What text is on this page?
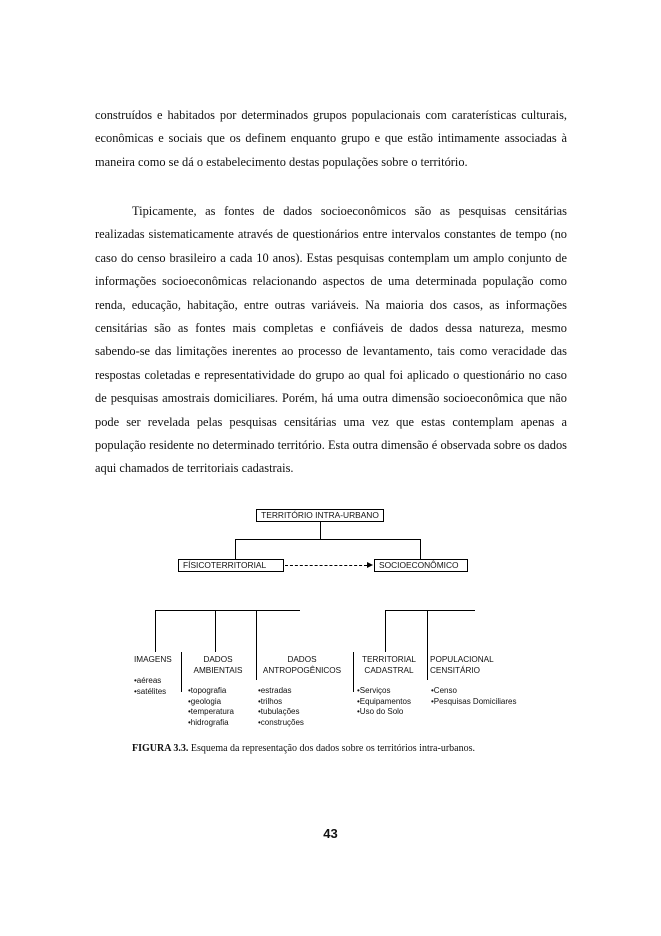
construídos e habitados por determinados grupos populacionais com caraterísticas culturais, econômicas e sociais que os definem enquanto grupo e que estão intimamente associadas à maneira como se dá o estabelecimento destas populações sobre o território.

Tipicamente, as fontes de dados socioeconômicos são as pesquisas censitárias realizadas sistematicamente através de questionários entre intervalos constantes de tempo (no caso do censo brasileiro a cada 10 anos). Estas pesquisas contemplam um amplo conjunto de informações socioeconômicas relacionando aspectos de uma determinada população como renda, educação, habitação, entre outras variáveis. Na maioria dos casos, as informações censitárias são as fontes mais completas e confiáveis de dados dessa natureza, mesmo sabendo-se das limitações inerentes ao processo de levantamento, tais como veracidade das respostas coletadas e representatividade do grupo ao qual foi aplicado o questionário no caso de pesquisas amostrais domiciliares. Porém, há uma outra dimensão socioeconômica que não pode ser revelada pelas pesquisas censitárias uma vez que estas contemplam apenas a população residente no determinado território. Esta outra dimensão é observada sobre os dados aqui chamados de territoriais cadastrais.

TERRITÓRIO INTRA-URBANO
FÍSICOTERRITORIAL	SOCIOECONÔMICO
IMAGENS
•aéreas
•satélites
DADOS
AMBIENTAIS
•topografia
•geologia
•temperatura
•hidrografia
DADOS
ANTROPOGÊNICOS
•estradas
•trilhos
•tubulações
•construções
TERRITORIAL
CADASTRAL
•Serviços
•Equipamentos
•Uso do Solo
POPULACIONAL
CENSITÁRIO
•Censo
•Pesquisas Domiciliares
FIGURA 3.3. Esquema da representação dos dados sobre os territórios intra-urbanos.
43
